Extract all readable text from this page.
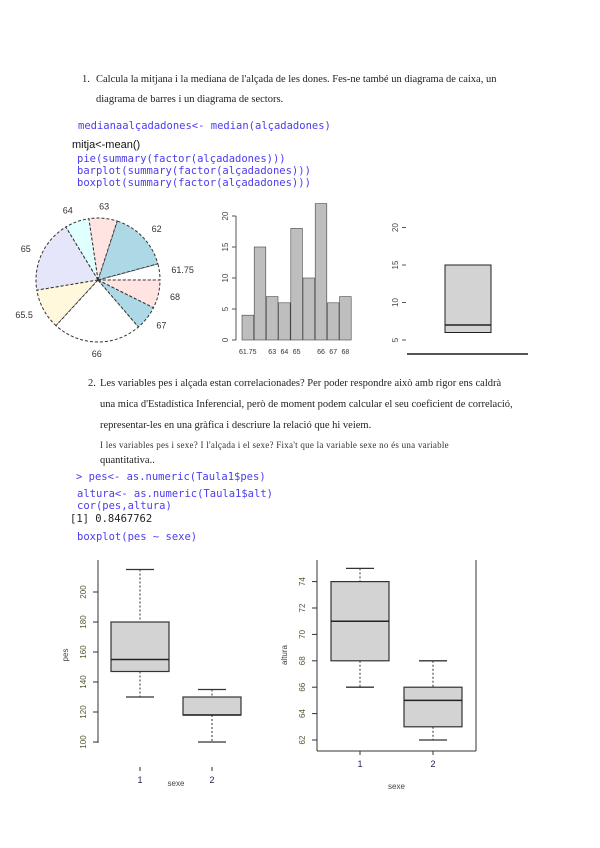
1. Calcula la mitjana i la mediana de l'alçada de les dones. Fes-ne també un diagrama de caixa, un
diagrama de barres i un diagrama de sectors.
medianaalçadadones<- median(alçadadones)
mitja<-mean()
pie(summary(factor(alçadadones)))
barplot(summary(factor(alçadadones)))
boxplot(summary(factor(alçadadones)))
61.75
62
63
64
65
65.5
66
67
68
0
5
10
15
20
61.75 63 64 65 66 67 68
5
10
15
20
2. Les variables pes i alçada estan correlacionades? Per poder respondre això amb rigor ens caldrà
una mica d'Estadística Inferencial, però de moment podem calcular el seu coeficient de correlació,
representar-les en una gràfica i descriure la relació que hi veiem.
I les variables pes i sexe? I l'alçada i el sexe? Fixa't que la variable sexe no és una variable
quantitativa..
> pes<- as.numeric(Taula1$pes)
altura<- as.numeric(Taula1$alt)
cor(pes,altura)
[1] 0.8467762
boxplot(pes ~ sexe)
100
120
140
160
180
200
1	2
sexe
pes
62
64
66
68
70
72
74
1	2
sexe
altura
